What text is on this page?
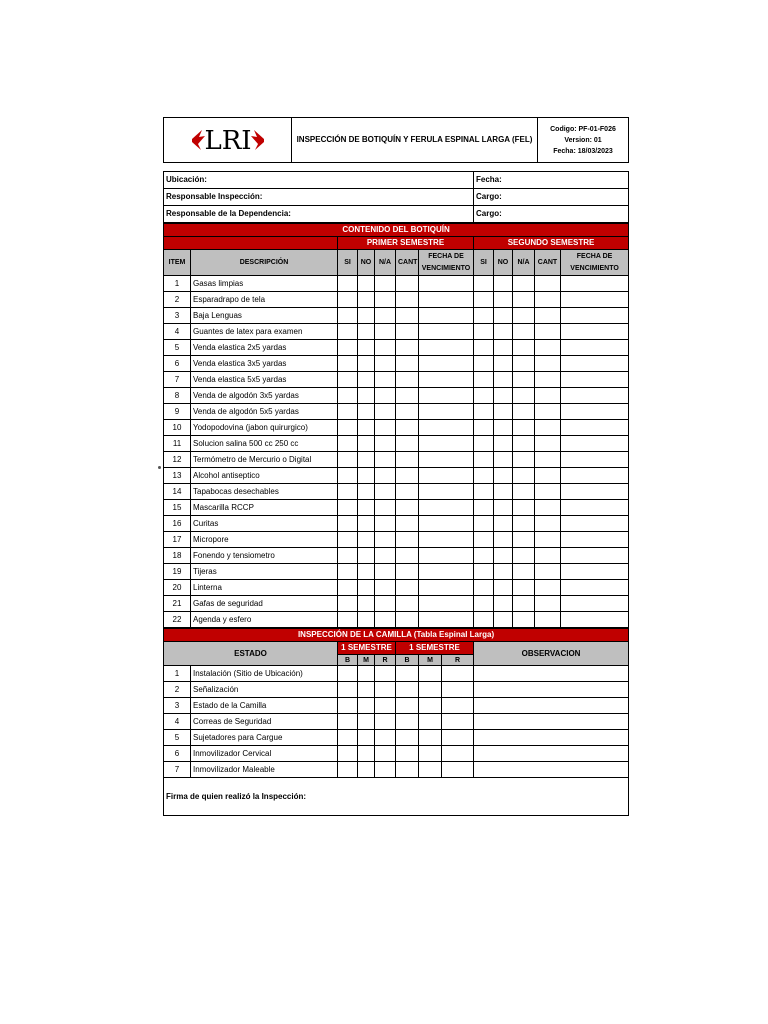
LRI	INSPECCIÓN DE BOTIQUÍN Y FERULA ESPINAL LARGA (FEL)	
Codigo: PF-01-F026
Version: 01
Fecha: 18/03/2023
Ubicación:	Fecha:
Responsable Inspección:	Cargo:
Responsable de la Dependencia:	Cargo:
CONTENIDO DEL BOTIQUÍN											
		PRIMER SEMESTRE					SEGUNDO SEMESTRE				
ITEM	DESCRIPCIÓN	SI	NO	N/A	CANT	FECHA DE VENCIMIENTO	SI	NO	N/A	CANT	FECHA DE VENCIMIENTO
1	Gasas limpias										
2	Esparadrapo de tela										
3	Baja Lenguas										
4	Guantes de latex para examen										
5	Venda elastica 2x5 yardas										
6	Venda elastica 3x5 yardas										
7	Venda elastica 5x5 yardas										
8	Venda de algodón 3x5 yardas										
9	Venda de algodón 5x5 yardas										
10	Yodopodovina (jabon quirurgico)										
11	Solucion salina 500 cc 250 cc										
12	Termómetro de Mercurio o Digital										
13	Alcohol antiseptico										
14	Tapabocas desechables										
15	Mascarilla RCCP										
16	Curitas										
17	Micropore										
18	Fonendo y tensiometro										
19	Tijeras										
20	Linterna										
21	Gafas de seguridad										
22	Agenda y esfero										
INSPECCIÓN DE LA CAMILLA (Tabla Espinal Larga)								
ESTADO		1 SEMESTRE			1 SEMESTRE			OBSERVACION
		B	M	R	B	M	R	
1	Instalación (Sitio de Ubicación)							
2	Señalización							
3	Estado de la Camilla							
4	Correas de Seguridad							
5	Sujetadores para Cargue							
6	Inmovilizador Cervical							
7	Inmovilizador Maleable							
Firma de quien realizó la Inspección:								
